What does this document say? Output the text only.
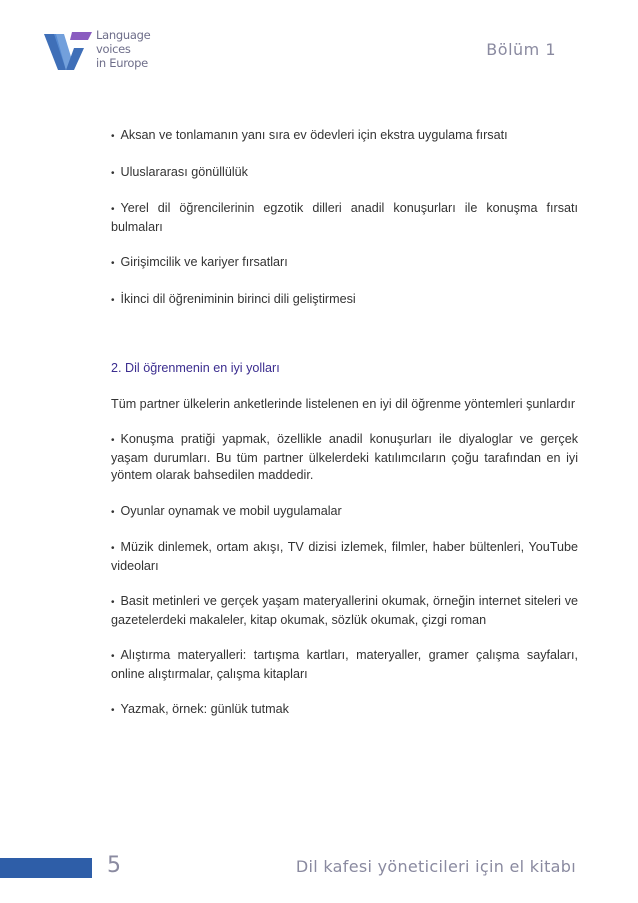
Language
voices
in Europe
Bölüm 1

• Aksan ve tonlamanın yanı sıra ev ödevleri için ekstra uygulama fırsatı

• Uluslararası gönüllülük

• Yerel dil öğrencilerinin egzotik dilleri anadil konuşurları ile konuşma fırsatı bulmaları

• Girişimcilik ve kariyer fırsatları

• İkinci dil öğreniminin birinci dili geliştirmesi

2. Dil öğrenmenin en iyi yolları

Tüm partner ülkelerin anketlerinde listelenen en iyi dil öğrenme yöntemleri şunlardır

• Konuşma pratiği yapmak, özellikle anadil konuşurları ile diyaloglar ve gerçek yaşam durumları. Bu tüm partner ülkelerdeki katılımcıların çoğu tarafından en iyi yöntem olarak bahsedilen maddedir.

• Oyunlar oynamak ve mobil uygulamalar

• Müzik dinlemek, ortam akışı, TV dizisi izlemek, filmler, haber bültenleri, YouTube videoları

• Basit metinleri ve gerçek yaşam materyallerini okumak, örneğin internet siteleri ve gazetelerdeki makaleler, kitap okumak, sözlük okumak, çizgi roman

• Alıştırma materyalleri: tartışma kartları, materyaller, gramer çalışma sayfaları, online alıştırmalar, çalışma kitapları

• Yazmak, örnek: günlük tutmak

5	Dil kafesi yöneticileri için el kitabı
